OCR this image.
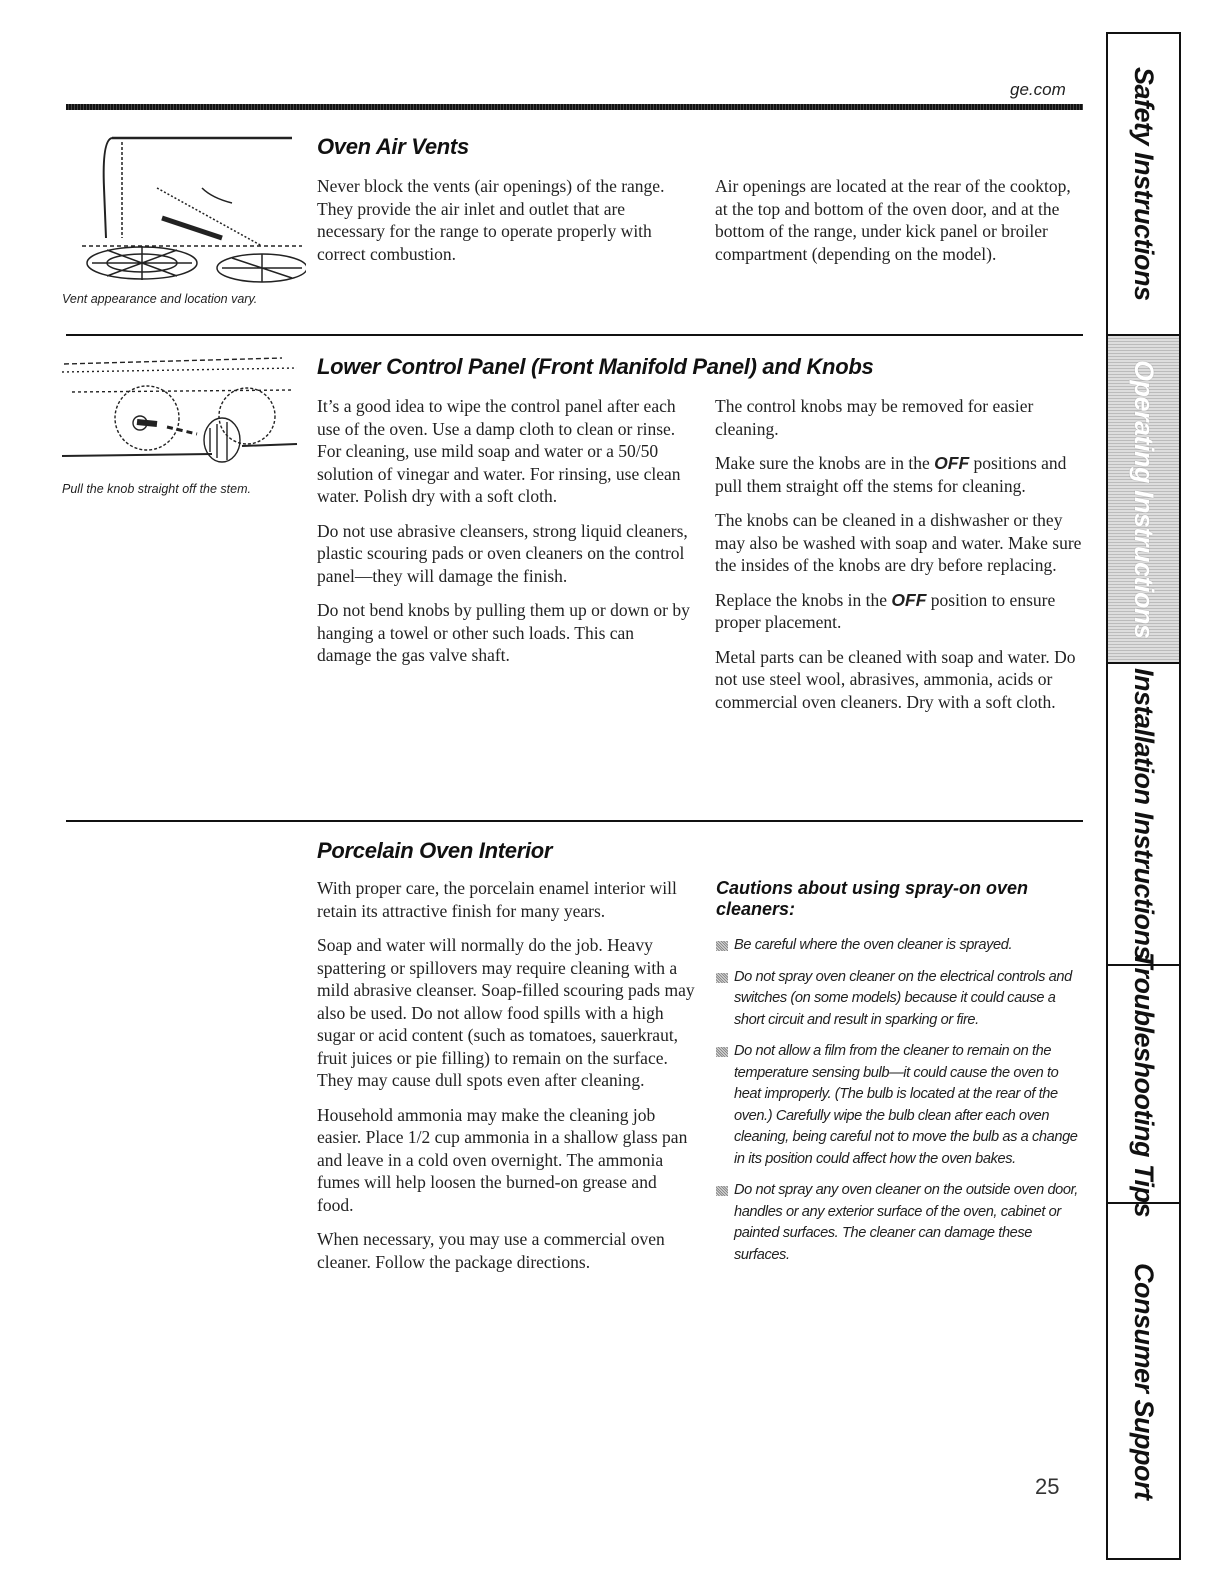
ge.com
Vent appearance and location vary.
Oven Air Vents

Never block the vents (air openings) of the range. They provide the air inlet and outlet that are necessary for the range to operate properly with correct combustion.

Air openings are located at the rear of the cooktop, at the top and bottom of the oven door, and at the bottom of the range, under kick panel or broiler compartment (depending on the model).

Pull the knob straight off the stem.
Lower Control Panel (Front Manifold Panel) and Knobs

It’s a good idea to wipe the control panel after each use of the oven. Use a damp cloth to clean or rinse. For cleaning, use mild soap and water or a 50/50 solution of vinegar and water. For rinsing, use clean water. Polish dry with a soft cloth.

Do not use abrasive cleansers, strong liquid cleaners, plastic scouring pads or oven cleaners on the control panel—they will damage the finish.

Do not bend knobs by pulling them up or down or by hanging a towel or other such loads. This can damage the gas valve shaft.

The control knobs may be removed for easier cleaning.

Make sure the knobs are in the OFF positions and pull them straight off the stems for cleaning.

The knobs can be cleaned in a dishwasher or they may also be washed with soap and water. Make sure the insides of the knobs are dry before replacing.

Replace the knobs in the OFF position to ensure proper placement.

Metal parts can be cleaned with soap and water. Do not use steel wool, abrasives, ammonia, acids or commercial oven cleaners. Dry with a soft cloth.

Porcelain Oven Interior

With proper care, the porcelain enamel interior will retain its attractive finish for many years.

Soap and water will normally do the job. Heavy spattering or spillovers may require cleaning with a mild abrasive cleanser. Soap-filled scouring pads may also be used. Do not allow food spills with a high sugar or acid content (such as tomatoes, sauerkraut, fruit juices or pie filling) to remain on the surface. They may cause dull spots even after cleaning.

Household ammonia may make the cleaning job easier. Place 1/2 cup ammonia in a shallow glass pan and leave in a cold oven overnight. The ammonia fumes will help loosen the burned-on grease and food.

When necessary, you may use a commercial oven cleaner. Follow the package directions.

Cautions about using spray-on oven cleaners:
Be careful where the oven cleaner is sprayed.
Do not spray oven cleaner on the electrical controls and switches (on some models) because it could cause a short circuit and result in sparking or fire.
Do not allow a film from the cleaner to remain on the temperature sensing bulb—it could cause the oven to heat improperly. (The bulb is located at the rear of the oven.) Carefully wipe the bulb clean after each oven cleaning, being careful not to move the bulb as a change in its position could affect how the oven bakes.
Do not spray any oven cleaner on the outside oven door, handles or any exterior surface of the oven, cabinet or painted surfaces. The cleaner can damage these surfaces.
Safety Instructions
Operating Instructions
Installation Instructions
Troubleshooting Tips
Consumer Support
25
